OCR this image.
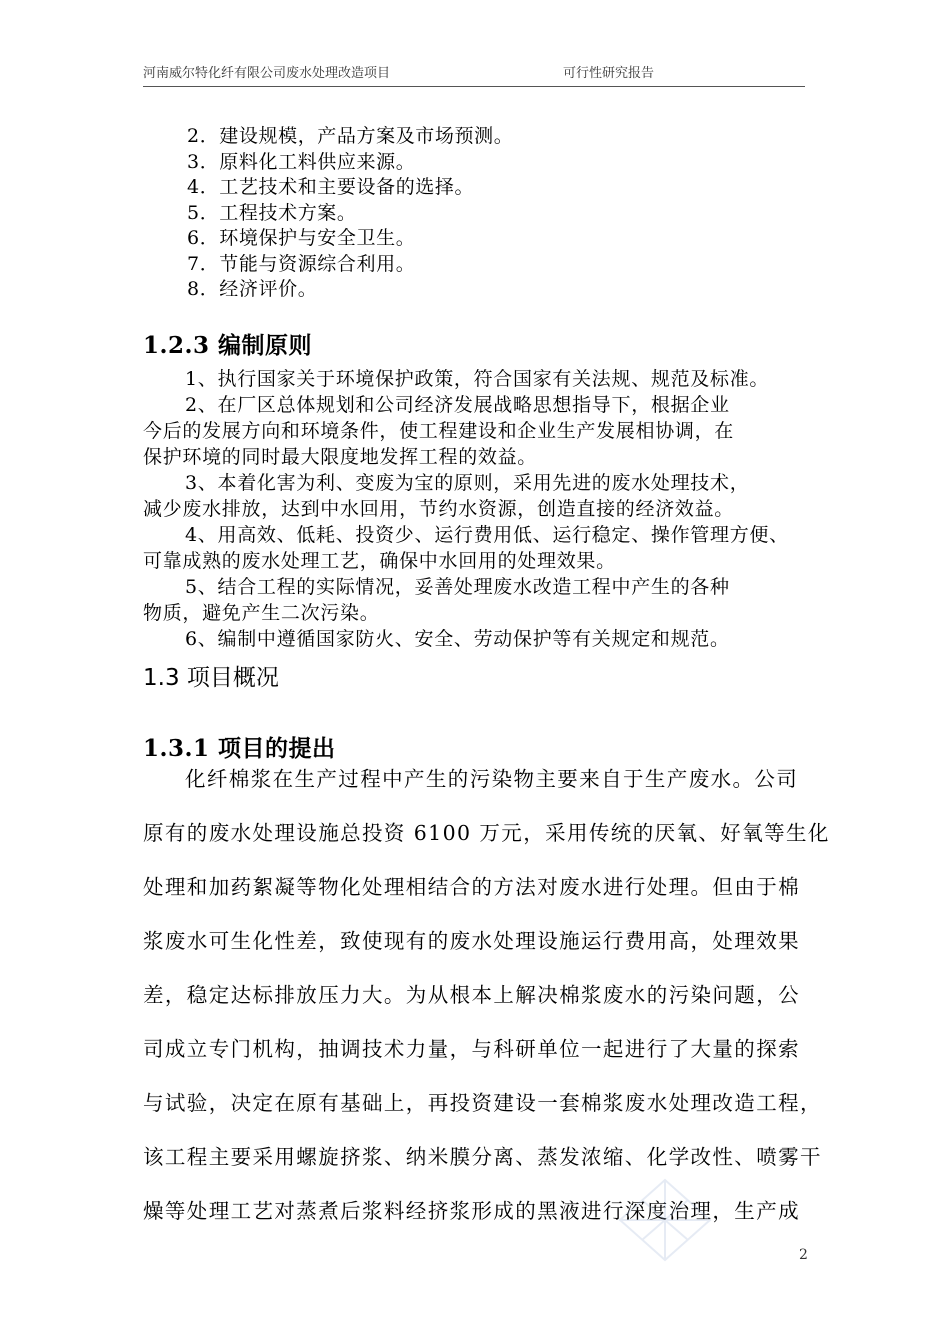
河南威尔特化纤有限公司废水处理改造项目	可行性研究报告
2．建设规模，产品方案及市场预测。
3．原料化工料供应来源。
4．工艺技术和主要设备的选择。
5．工程技术方案。
6．环境保护与安全卫生。
7．节能与资源综合利用。
8．经济评价。
1.2.3 编制原则
1、执行国家关于环境保护政策，符合国家有关法规、规范及标准。
2、在厂区总体规划和公司经济发展战略思想指导下，根据企业
今后的发展方向和环境条件，使工程建设和企业生产发展相协调，在
保护环境的同时最大限度地发挥工程的效益。
3、本着化害为利、变废为宝的原则，采用先进的废水处理技术，
减少废水排放，达到中水回用，节约水资源，创造直接的经济效益。
4、用高效、低耗、投资少、运行费用低、运行稳定、操作管理方便、
可靠成熟的废水处理工艺，确保中水回用的处理效果。
5、结合工程的实际情况，妥善处理废水改造工程中产生的各种
物质，避免产生二次污染。
6、编制中遵循国家防火、安全、劳动保护等有关规定和规范。
1.3 项目概况
1.3.1 项目的提出
化纤棉浆在生产过程中产生的污染物主要来自于生产废水。公司
原有的废水处理设施总投资 6100 万元，采用传统的厌氧、好氧等生化
处理和加药絮凝等物化处理相结合的方法对废水进行处理。但由于棉
浆废水可生化性差，致使现有的废水处理设施运行费用高，处理效果
差，稳定达标排放压力大。为从根本上解决棉浆废水的污染问题，公
司成立专门机构，抽调技术力量，与科研单位一起进行了大量的探索
与试验，决定在原有基础上，再投资建设一套棉浆废水处理改造工程，
该工程主要采用螺旋挤浆、纳米膜分离、蒸发浓缩、化学改性、喷雾干
燥等处理工艺对蒸煮后浆料经挤浆形成的黑液进行深度治理，生产成
2
